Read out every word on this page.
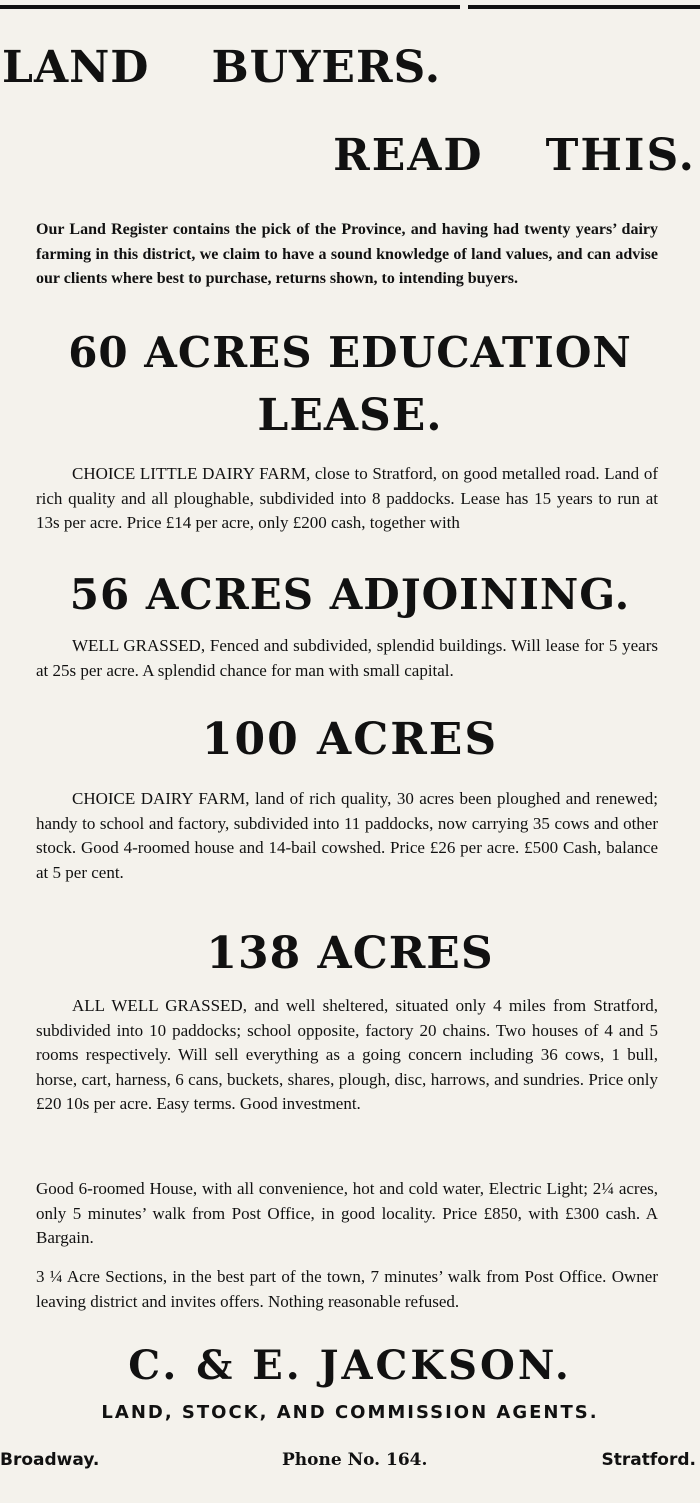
LAND BUYERS.
READ THIS.
Our Land Register contains the pick of the Province, and having had twenty years’ dairy farming in this district, we claim to have a sound knowledge of land values, and can advise our clients where best to purchase, returns shown, to intending buyers.
60 ACRES EDUCATION
LEASE.
CHOICE LITTLE DAIRY FARM, close to Stratford, on good metalled road. Land of rich quality and all ploughable, subdivided into 8 paddocks. Lease has 15 years to run at 13s per acre. Price £14 per acre, only £200 cash, together with
56 ACRES ADJOINING.
WELL GRASSED, Fenced and subdivided, splendid buildings. Will lease for 5 years at 25s per acre. A splendid chance for man with small capital.
100 ACRES
CHOICE DAIRY FARM, land of rich quality, 30 acres been ploughed and renewed; handy to school and factory, subdivided into 11 paddocks, now carrying 35 cows and other stock. Good 4-roomed house and 14-bail cowshed. Price £26 per acre. £500 Cash, balance at 5 per cent.
138 ACRES
ALL WELL GRASSED, and well sheltered, situated only 4 miles from Stratford, subdivided into 10 paddocks; school opposite, factory 20 chains. Two houses of 4 and 5 rooms respectively. Will sell everything as a going concern including 36 cows, 1 bull, horse, cart, harness, 6 cans, buckets, shares, plough, disc, harrows, and sundries. Price only £20 10s per acre. Easy terms. Good investment.
Good 6-roomed House, with all convenience, hot and cold water, Electric Light; 2¼ acres, only 5 minutes’ walk from Post Office, in good locality. Price £850, with £300 cash. A Bargain.
3 ¼ Acre Sections, in the best part of the town, 7 minutes’ walk from Post Office. Owner leaving district and invites offers. Nothing reasonable refused.
C. & E. JACKSON.
LAND, STOCK, AND COMMISSION AGENTS.
Broadway.	Phone No. 164.	Stratford.
